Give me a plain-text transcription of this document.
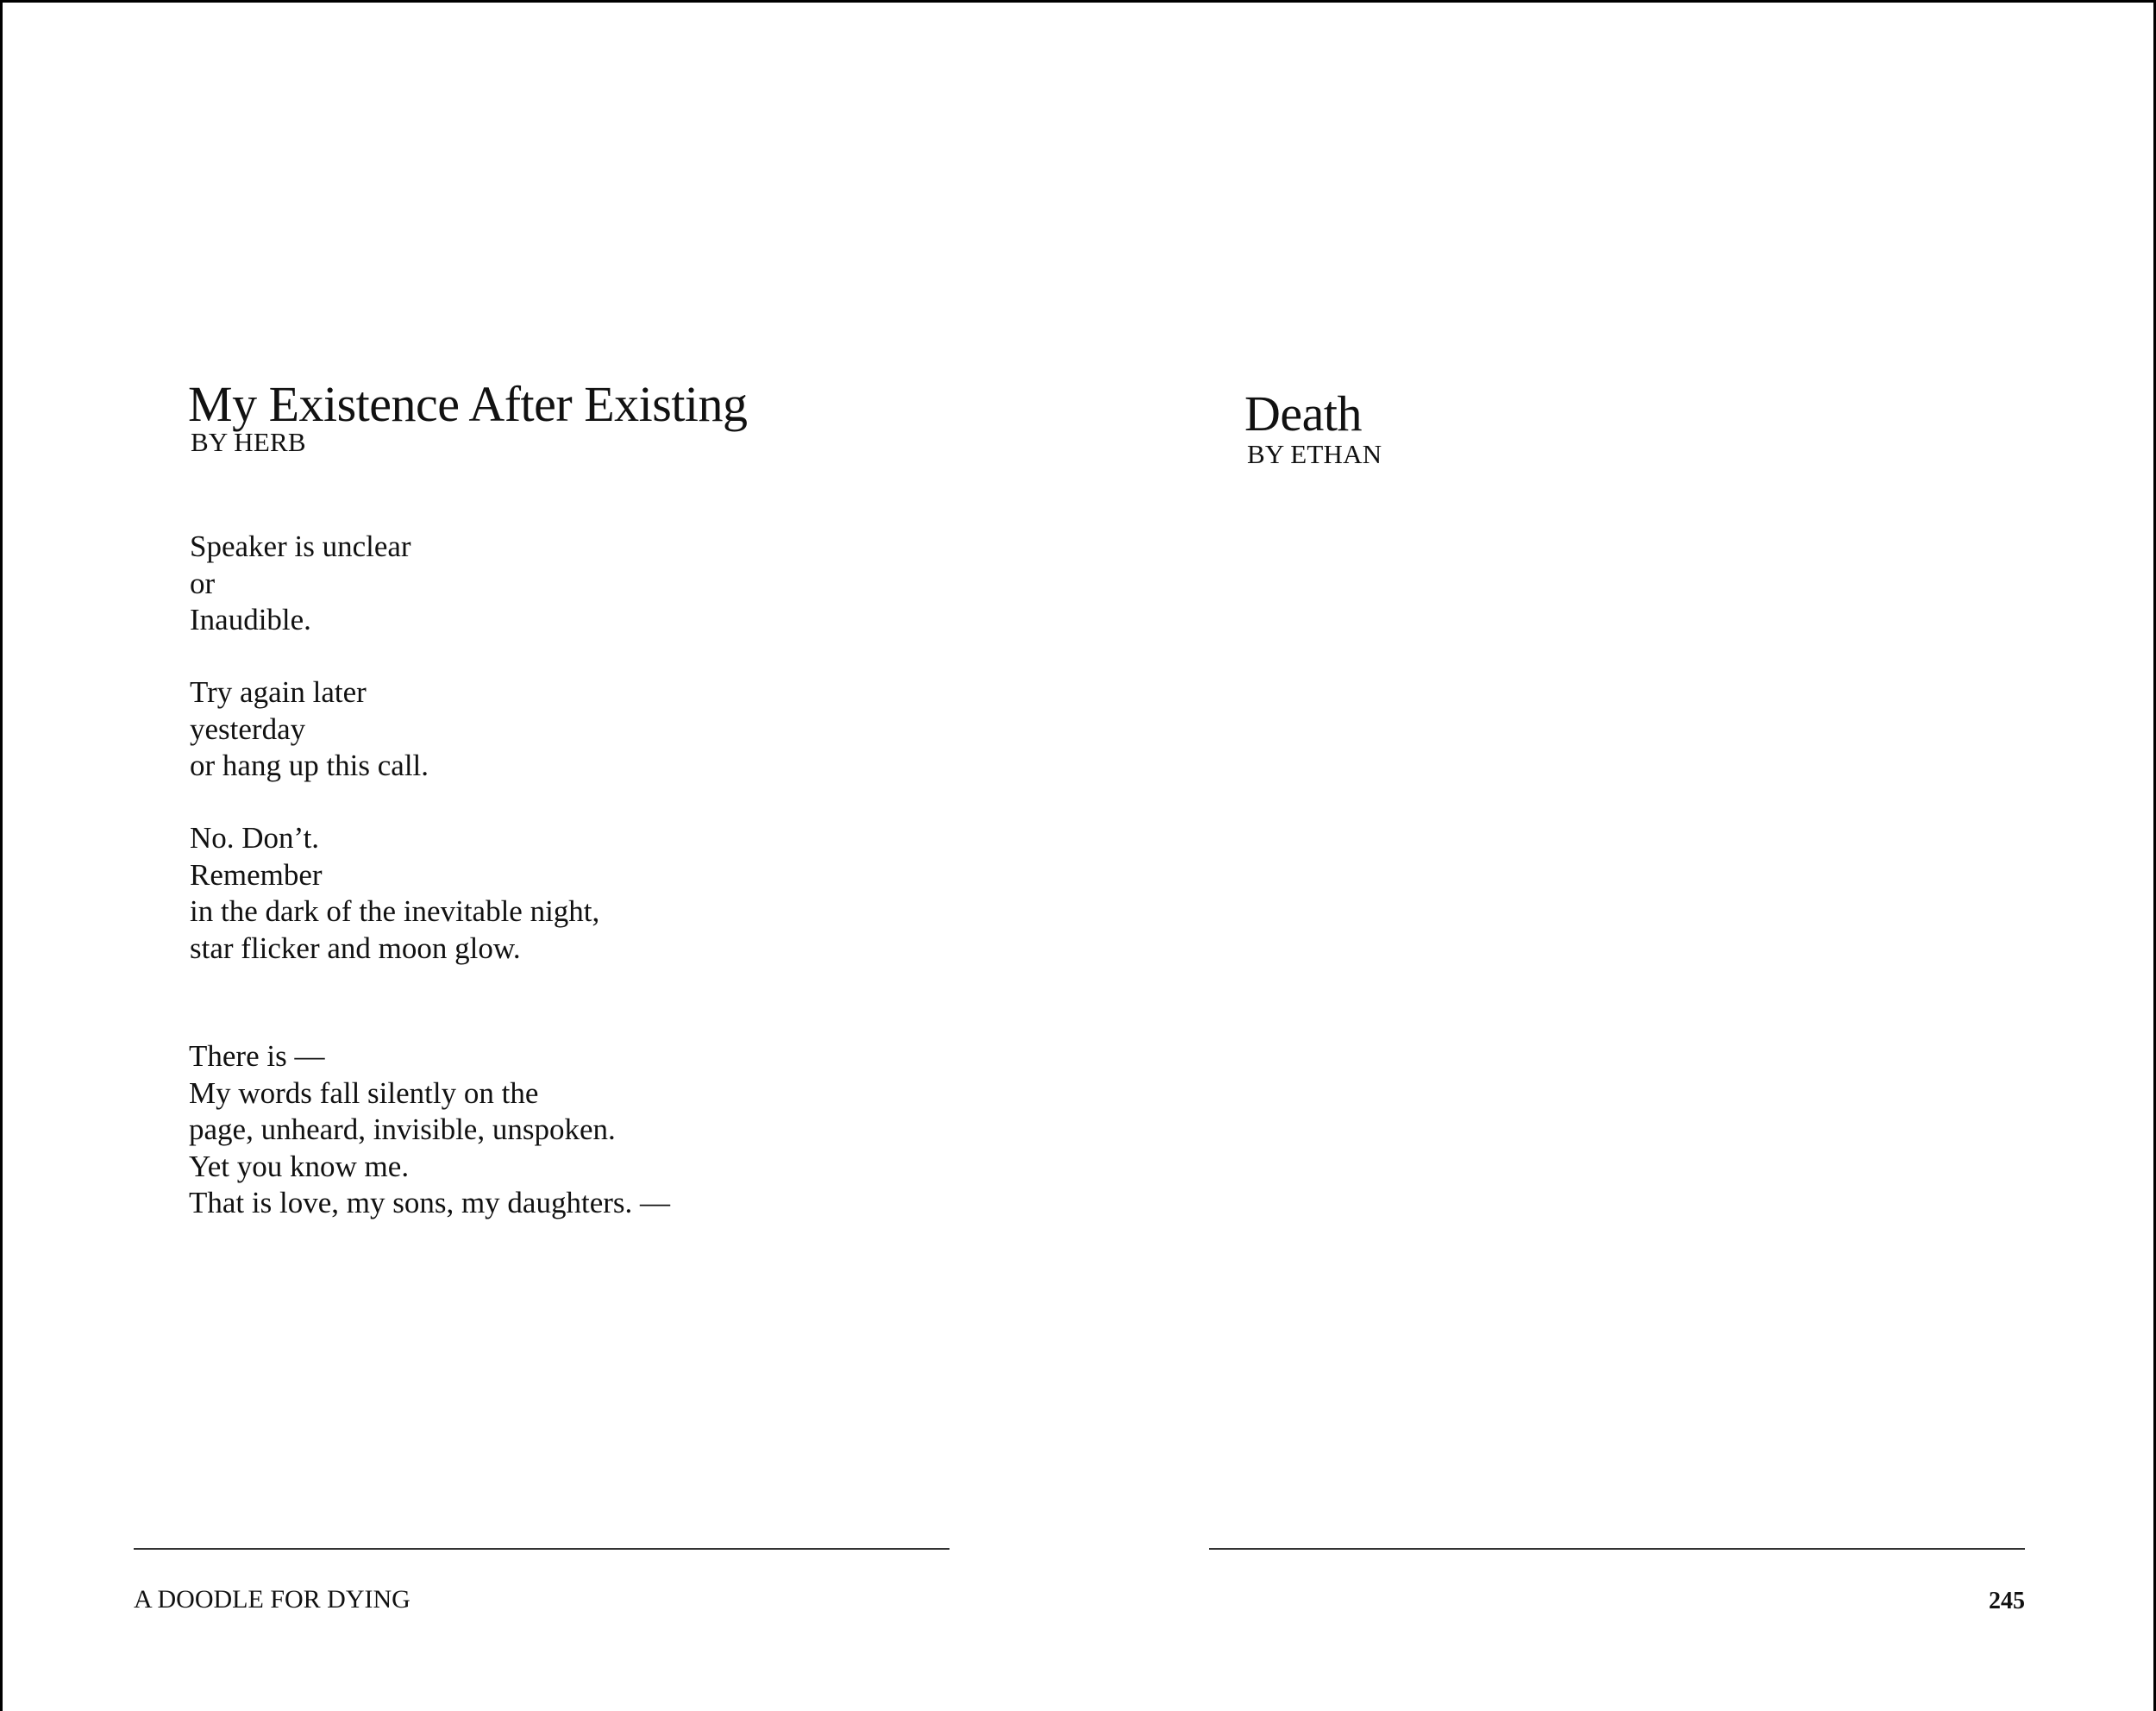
My Existence After Existing
BY HERB

Speaker is unclear
or
Inaudible.

Try again later
yesterday
or hang up this call.

No. Don’t.
Remember
in the dark of the inevitable night,
star flicker and moon glow.

There is —
My words fall silently on the
page, unheard, invisible, unspoken.
Yet you know me.
That is love, my sons, my daughters. —

A DOODLE FOR DYING
Death
BY ETHAN
245
